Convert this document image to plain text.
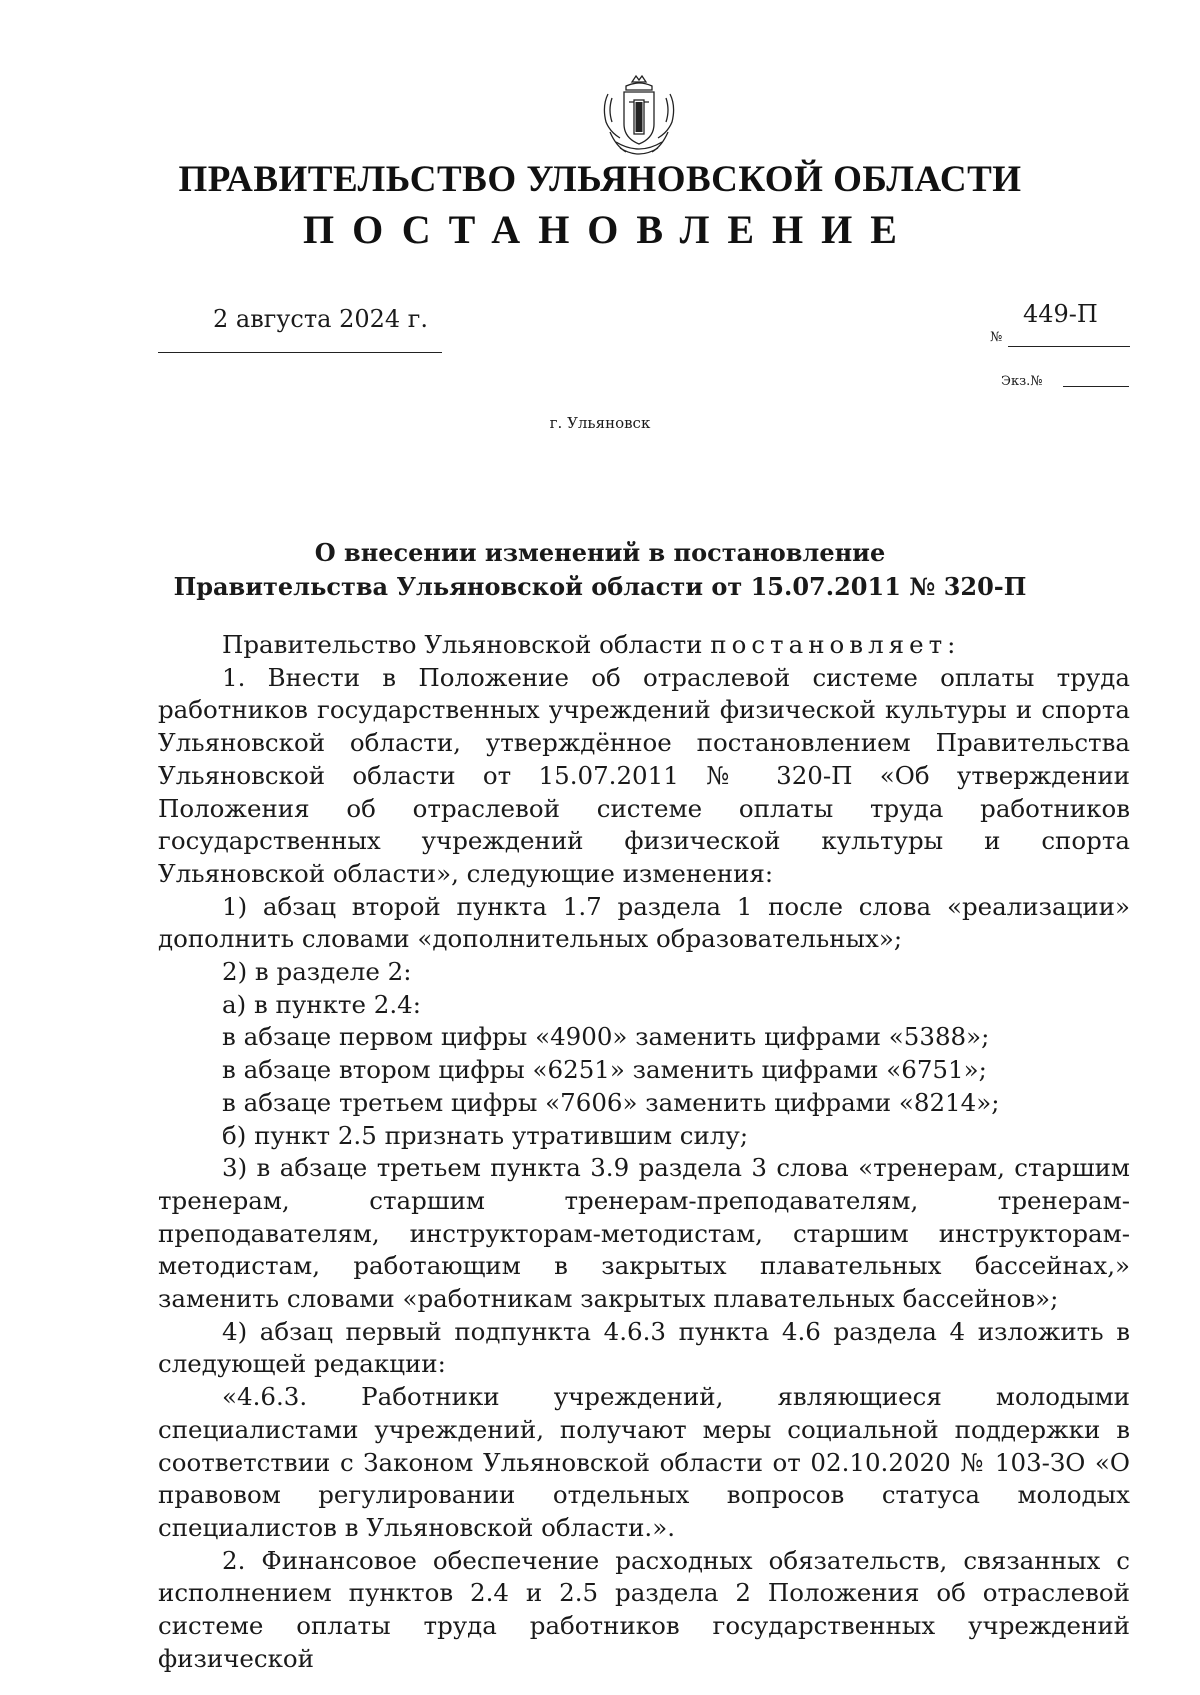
ПРАВИТЕЛЬСТВО УЛЬЯНОВСКОЙ ОБЛАСТИ
ПОСТАНОВЛЕНИЕ
2 августа 2024 г.
№
449-П
Экз.№
г. Ульяновск
О внесении изменений в постановление
Правительства Ульяновской области от 15.07.2011 № 320-П

Правительство Ульяновской области постановляет:

1. Внести в Положение об отраслевой системе оплаты труда работников государственных учреждений физической культуры и спорта Ульяновской области, утверждённое постановлением Правительства Ульяновской области от 15.07.2011 № 320-П «Об утверждении Положения об отраслевой системе оплаты труда работников государственных учреждений физической культуры и спорта Ульяновской области», следующие изменения:

1) абзац второй пункта 1.7 раздела 1 после слова «реализации» дополнить словами «дополнительных образовательных»;

2) в разделе 2:

а) в пункте 2.4:

в абзаце первом цифры «4900» заменить цифрами «5388»;

в абзаце втором цифры «6251» заменить цифрами «6751»;

в абзаце третьем цифры «7606» заменить цифрами «8214»;

б) пункт 2.5 признать утратившим силу;

3) в абзаце третьем пункта 3.9 раздела 3 слова «тренерам, старшим тренерам, старшим тренерам-преподавателям, тренерам-преподавателям, инструкторам-методистам, старшим инструкторам-методистам, работающим в закрытых плавательных бассейнах,» заменить словами «работникам закрытых плавательных бассейнов»;

4) абзац первый подпункта 4.6.3 пункта 4.6 раздела 4 изложить в следующей редакции:

«4.6.3. Работники учреждений, являющиеся молодыми специалистами учреждений, получают меры социальной поддержки в соответствии с Законом Ульяновской области от 02.10.2020 № 103-ЗО «О правовом регулировании отдельных вопросов статуса молодых специалистов в Ульяновской области.».

2. Финансовое обеспечение расходных обязательств, связанных с исполнением пунктов 2.4 и 2.5 раздела 2 Положения об отраслевой системе оплаты труда работников государственных учреждений физической
